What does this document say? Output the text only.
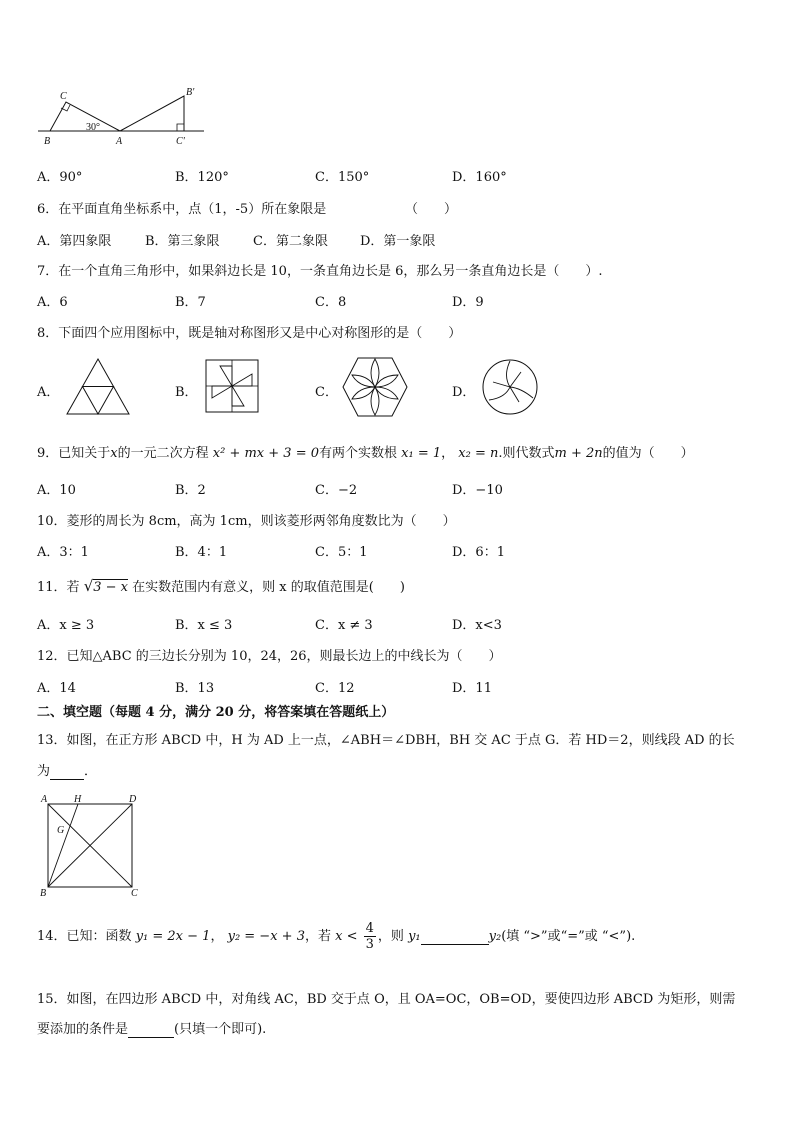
C
B
30°
A
B'
C'
A．90°	B．120°	C．150°	D．160°
6．在平面直角坐标系中，点（1，-5）所在象限是	（　　）
A．第四象限	B．第三象限	C．第二象限 D．第一象限
7．在一个直角三角形中，如果斜边长是 10，一条直角边长是 6，那么另一条直角边长是（　　）.
A．6	B．7	C．8	D．9
8．下面四个应用图标中，既是轴对称图形又是中心对称图形的是（　　）
A．	B．	C．	D．
9．已知关于x的一元二次方程 x² + mx + 3 = 0有两个实数根 x₁ = 1， x₂ = n.则代数式m + 2n的值为（　　）
A．10	B．2	C．−2	D．−10
10．菱形的周长为 8cm，高为 1cm，则该菱形两邻角度数比为（　　）
A．3：1	B．4：1	C．5：1	D．6：1
11．若 √3 − x 在实数范围内有意义，则 x 的取值范围是(　　)
A．x ≥ 3	B．x ≤ 3	C．x ≠ 3	D．x<3
12．已知△ABC 的三边长分别为 10，24，26，则最长边上的中线长为（　　）
A．14	B．13	C．12	D．11
二、填空题（每题 4 分，满分 20 分，将答案填在答题纸上）
13．如图，在正方形 ABCD 中，H 为 AD 上一点，∠ABH＝∠DBH，BH 交 AC 于点 G．若 HD＝2，则线段 AD 的长
为	．
A	H	D
G
B	C
14．已知：函数 y₁ = 2x − 1， y₂ = −x + 3，若 $x < \frac{4}{3}$ ，则 y₁	y₂(填 “>”或“=”或 “<”).
15．如图，在四边形 ABCD 中，对角线 AC，BD 交于点 O，且 OA=OC，OB=OD，要使四边形 ABCD 为矩形，则需
要添加的条件是	(只填一个即可).
